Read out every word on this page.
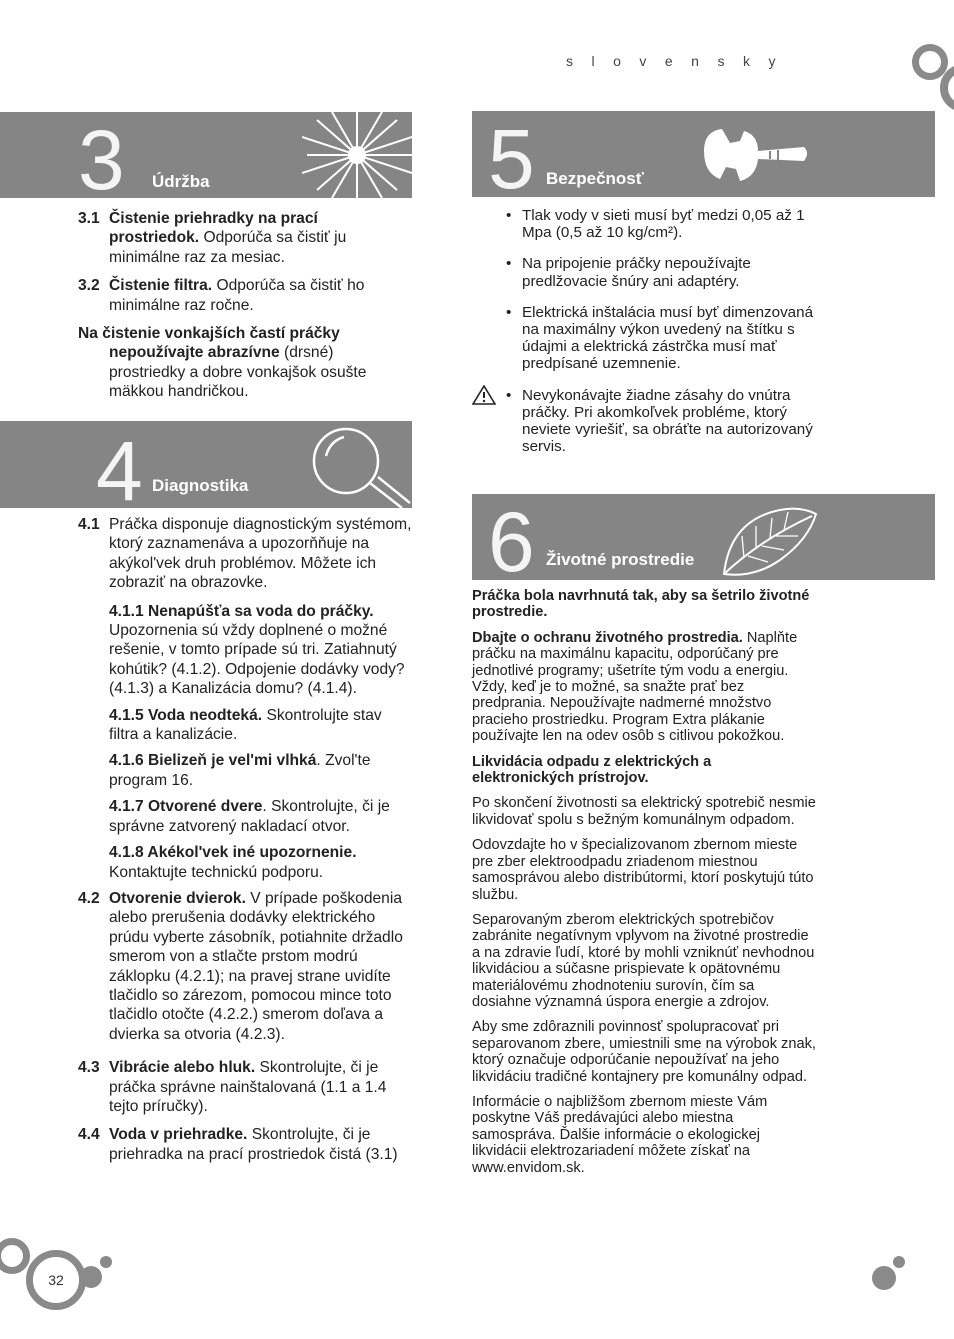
slovensky
3 Údržba
3.1 Čistenie priehradky na prací prostriedok. Odporúča sa čistiť ju minimálne raz za mesiac.
3.2 Čistenie filtra. Odporúča sa čistiť ho minimálne raz ročne.
Na čistenie vonkajších častí práčky nepoužívajte abrazívne (drsné) prostriedky a dobre vonkajšok osušte mäkkou handričkou.
4 Diagnostika
4.1 Práčka disponuje diagnostickým systémom, ktorý zaznamenáva a upozorňňuje na akýkol'vek druh problémov. Môžete ich zobraziť na obrazovke.
4.1.1 Nenapúšťa sa voda do práčky. Upozornenia sú vždy doplnené o možné rešenie, v tomto prípade sú tri. Zatiahnutý kohútik? (4.1.2). Odpojenie dodávky vody? (4.1.3) a Kanalizácia domu? (4.1.4).
4.1.5 Voda neodteká. Skontrolujte stav filtra a kanalizácie.
4.1.6 Bielizeň je vel'mi vlhká. Zvol'te program 16.
4.1.7 Otvorené dvere. Skontrolujte, či je správne zatvorený nakladací otvor.
4.1.8 Akékol'vek iné upozornenie. Kontaktujte technickú podporu.
4.2 Otvorenie dvierok. V prípade poškodenia alebo prerušenia dodávky elektrického prúdu vyberte zásobník, potiahnite držadlo smerom von a stlačte prstom modrú záklopku (4.2.1); na pravej strane uvidíte tlačidlo so zárezom, pomocou mince toto tlačidlo otočte (4.2.2.) smerom doľava a dvierka sa otvoria (4.2.3).
4.3 Vibrácie alebo hluk. Skontrolujte, či je práčka správne nainštalovaná (1.1 a 1.4 tejto príručky).
4.4 Voda v priehradke. Skontrolujte, či je priehradka na prací prostriedok čistá (3.1)
5 Bezpečnosť
• Tlak vody v sieti musí byť medzi 0,05 až 1 Mpa (0,5 až 10 kg/cm²).
• Na pripojenie práčky nepoužívajte predlžovacie šnúry ani adaptéry.
• Elektrická inštalácia musí byť dimenzovaná na maximálny výkon uvedený na štítku s údajmi a elektrická zástrčka musí mať predpísané uzemnenie.
• Nevykonávajte žiadne zásahy do vnútra práčky. Pri akomkoľvek probléme, ktorý neviete vyriešiť, sa obráťte na autorizovaný servis.
6 Životné prostredie

Práčka bola navrhnutá tak, aby sa šetrilo životné prostredie.

Dbajte o ochranu životného prostredia. Naplňte práčku na maximálnu kapacitu, odporúčaný pre jednotlivé programy; ušetríte tým vodu a energiu. Vždy, keď je to možné, sa snažte prať bez predprania. Nepoužívajte nadmerné množstvo pracieho prostriedku. Program Extra plákanie používajte len na odev osôb s citlivou pokožkou.

Likvidácia odpadu z elektrických a elektronických prístrojov.

Po skončení životnosti sa elektrický spotrebič nesmie likvidovať spolu s bežným komunálnym odpadom.

Odovzdajte ho v špecializovanom zbernom mieste pre zber elektroodpadu zriadenom miestnou samosprávou alebo distribútormi, ktorí poskytujú túto službu.

Separovaným zberom elektrických spotrebičov zabránite negatívnym vplyvom na životné prostredie a na zdravie ľudí, ktoré by mohli vzniknúť nevhodnou likvidáciou a súčasne prispievate k opätovnému materiálovému zhodnoteniu surovín, čím sa dosiahne významná úspora energie a zdrojov.

Aby sme zdôraznili povinnosť spolupracovať pri separovanom zbere, umiestnili sme na výrobok znak, ktorý označuje odporúčanie nepoužívať na jeho likvidáciu tradičné kontajnery pre komunálny odpad.

Informácie o najbližšom zbernom mieste Vám poskytne Váš predávajúci alebo miestna samospráva. Ďalšie informácie o ekologickej likvidácii elektrozariadení môžete získať na www.envidom.sk.

32
